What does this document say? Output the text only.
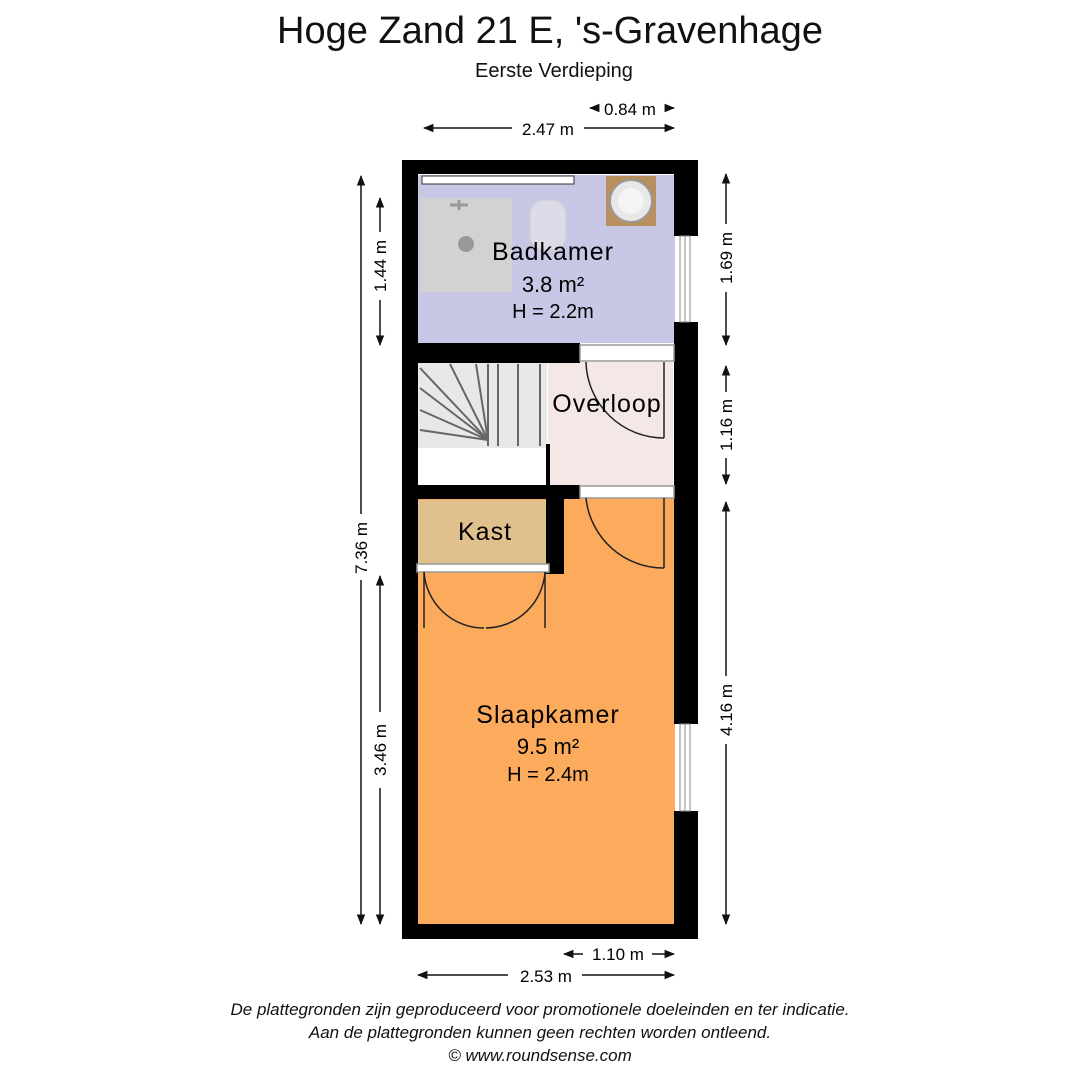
Hoge Zand 21 E, 's-Gravenhage
Eerste Verdieping
Badkamer
3.8 m²
H = 2.2m
Overloop
Kast
Slaapkamer
9.5 m²
H = 2.4m
0.84 m
2.47 m
1.10 m
2.53 m
7.36 m
1.44 m
3.46 m
1.69 m
1.16 m
4.16 m
De plattegronden zijn geproduceerd voor promotionele doeleinden en ter indicatie.
Aan de plattegronden kunnen geen rechten worden ontleend.
© www.roundsense.com
